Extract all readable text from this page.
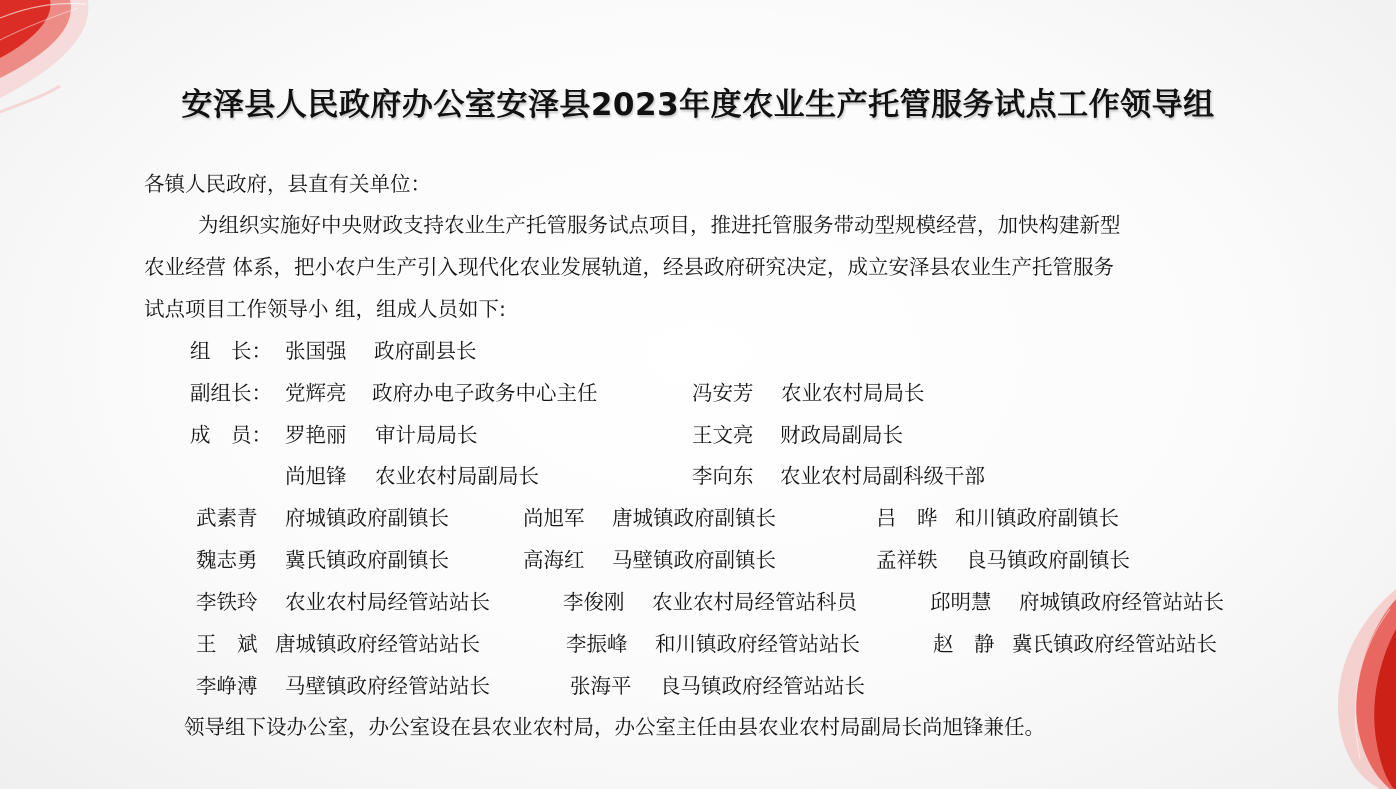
安泽县人民政府办公室安泽县2023年度农业生产托管服务试点工作领导组
各镇人民政府，县直有关单位：
为组织实施好中央财政支持农业生产托管服务试点项目，推进托管服务带动型规模经营，加快构建新型
农业经营 体系，把小农户生产引入现代化农业发展轨道，经县政府研究决定，成立安泽县农业生产托管服务
试点项目工作领导小 组，组成人员如下:
组　长： 张国强 政府副县长
副组长： 党辉亮 政府办电子政务中心主任	冯安芳 农业农村局局长
成　员： 罗艳丽 审计局局长	王文亮 财政局副局长
尚旭锋 农业农村局副局长	李向东 农业农村局副科级干部
武素青 府城镇政府副镇长	尚旭军 唐城镇政府副镇长	吕　晔 和川镇政府副镇长
魏志勇 冀氏镇政府副镇长	高海红 马壁镇政府副镇长	孟祥轶 良马镇政府副镇长
李铁玲 农业农村局经管站站长	李俊刚 农业农村局经管站科员	邱明慧 府城镇政府经管站站长
王　斌 唐城镇政府经管站站长	李振峰 和川镇政府经管站站长	赵　静 冀氏镇政府经管站站长
李峥溥 马壁镇政府经管站站长	张海平 良马镇政府经管站站长
领导组下设办公室，办公室设在县农业农村局，办公室主任由县农业农村局副局长尚旭锋兼任。
